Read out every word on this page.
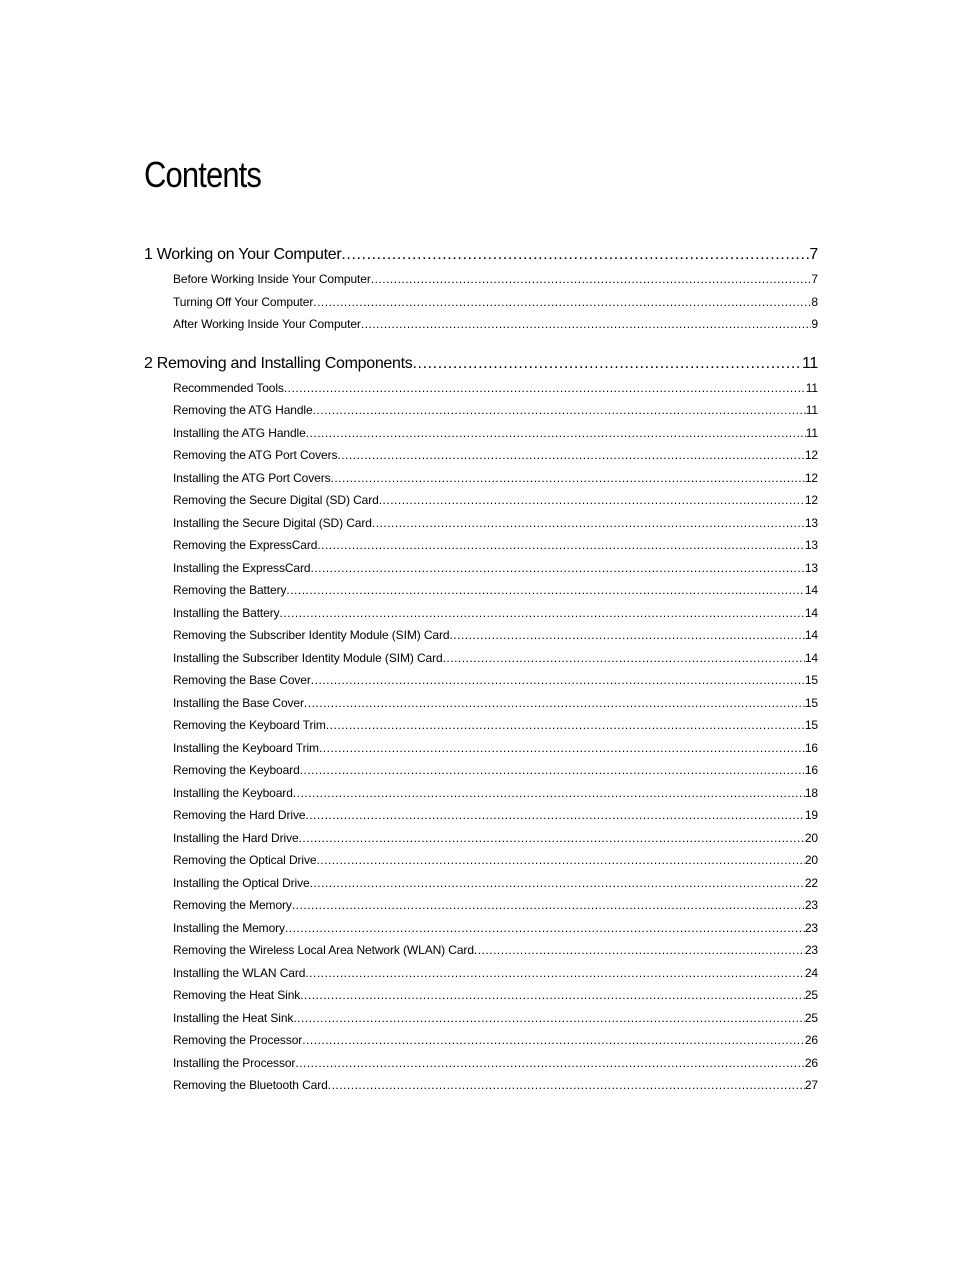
Contents
1 Working on Your Computer .....	7
Before Working Inside Your Computer .....	7
Turning Off Your Computer .....	8
After Working Inside Your Computer .....	9
2 Removing and Installing Components .....	11
Recommended Tools .....	11
Removing the ATG Handle .....	11
Installing the ATG Handle .....	11
Removing the ATG Port Covers .....	12
Installing the ATG Port Covers .....	12
Removing the Secure Digital (SD) Card .....	12
Installing the Secure Digital (SD) Card .....	13
Removing the ExpressCard .....	13
Installing the ExpressCard .....	13
Removing the Battery .....	14
Installing the Battery .....	14
Removing the Subscriber Identity Module (SIM) Card .....	14
Installing the Subscriber Identity Module (SIM) Card .....	14
Removing the Base Cover .....	15
Installing the Base Cover .....	15
Removing the Keyboard Trim .....	15
Installing the Keyboard Trim .....	16
Removing the Keyboard .....	16
Installing the Keyboard .....	18
Removing the Hard Drive .....	19
Installing the Hard Drive .....	20
Removing the Optical Drive .....	20
Installing the Optical Drive .....	22
Removing the Memory .....	23
Installing the Memory .....	23
Removing the Wireless Local Area Network (WLAN) Card .....	23
Installing the WLAN Card .....	24
Removing the Heat Sink .....	25
Installing the Heat Sink .....	25
Removing the Processor .....	26
Installing the Processor .....	26
Removing the Bluetooth Card .....	27
